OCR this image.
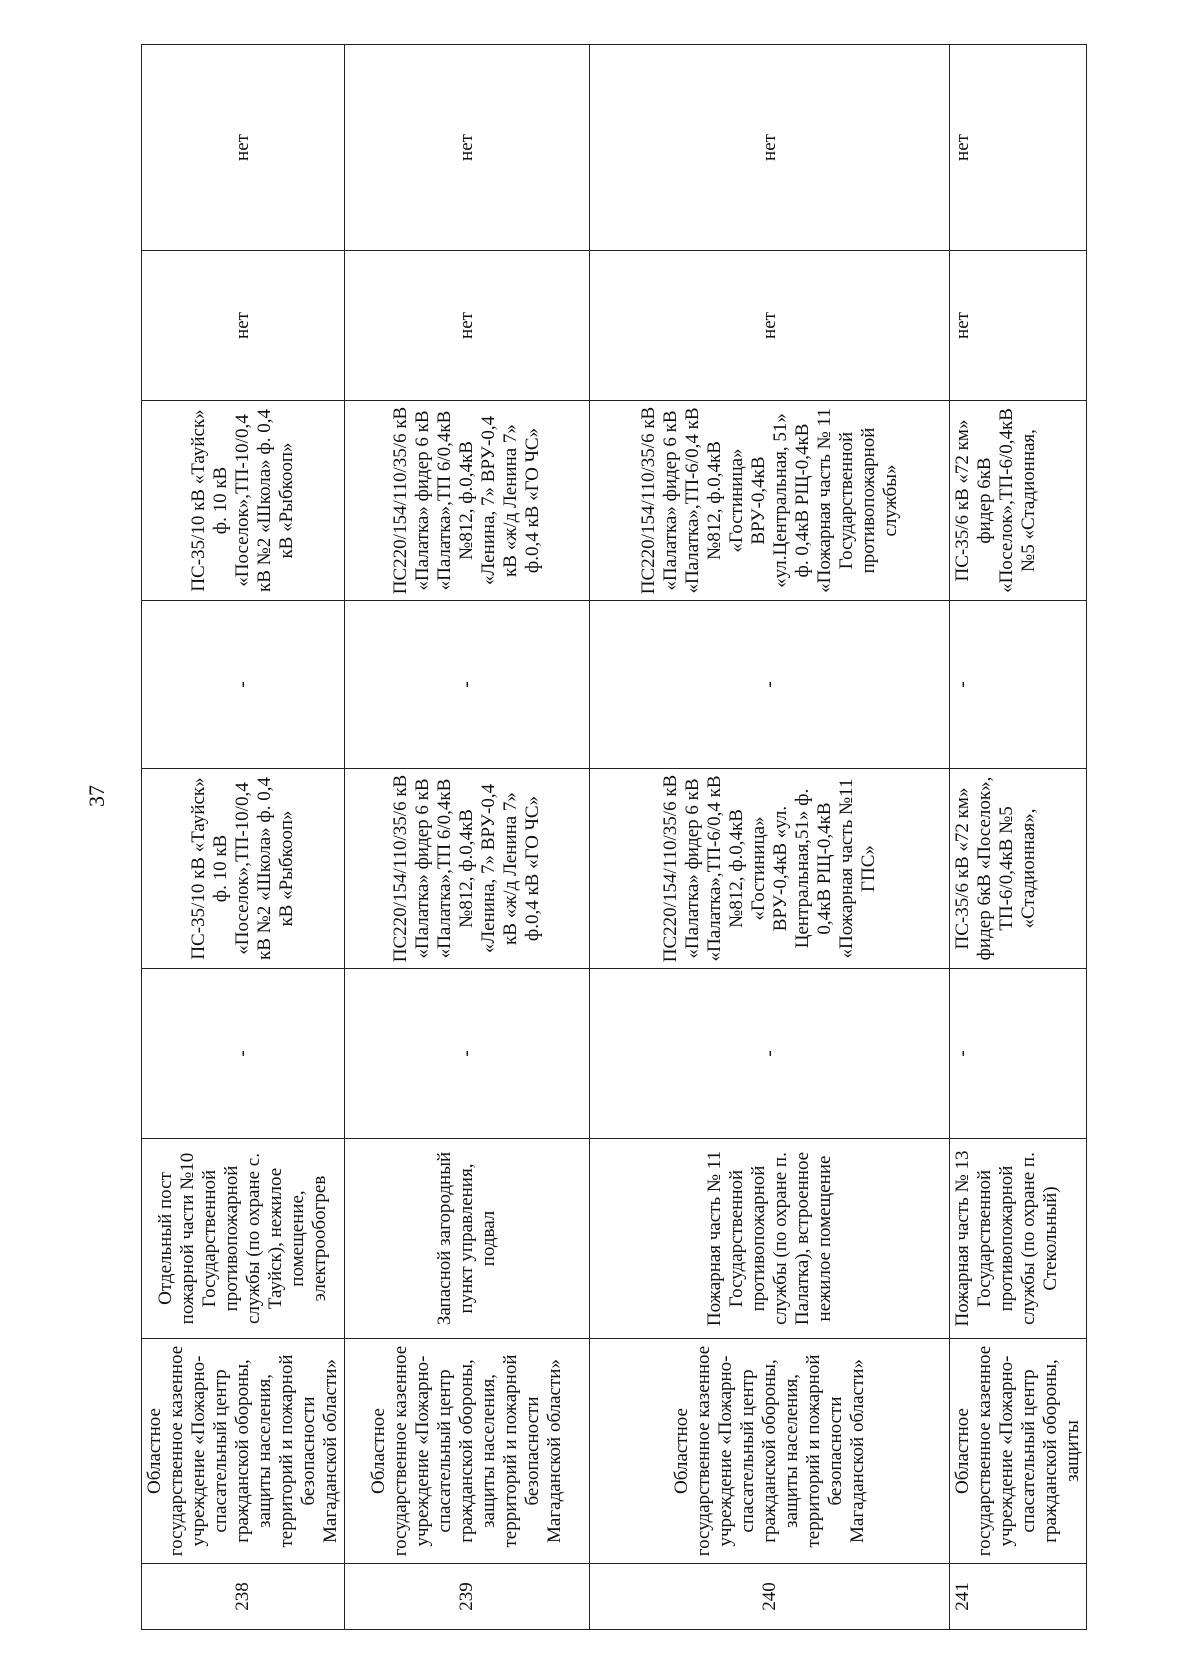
37
238	Областное государственное казенное учреждение «Пожарно-спасательный центр гражданской обороны, защиты населения, территорий и пожарной безопасности Магаданской области»	Отдельный пост пожарной части №10 Государственной противопожарной службы (по охране с. Тауйск), нежилое помещение, электрообогрев	-	ПС-35/10 кВ «Тауйск» ф. 10 кВ «Поселок»,ТП-10/0,4 кВ №2 «Школа» ф. 0,4 кВ «Рыбкооп»	-	ПС-35/10 кВ «Тауйск» ф. 10 кВ «Поселок»,ТП-10/0,4 кВ №2 «Школа» ф. 0,4 кВ «Рыбкооп»	нет	нет
239	Областное государственное казенное учреждение «Пожарно-спасательный центр гражданской обороны, защиты населения, территорий и пожарной безопасности Магаданской области»	Запасной загородный пункт управления, подвал	-	ПС220/154/110/35/6 кВ «Палатка» фидер 6 кВ «Палатка»,ТП 6/0,4кВ №812, ф.0,4кВ «Ленина, 7» ВРУ-0,4 кВ «ж/д Ленина 7» ф.0,4 кВ «ГО ЧС»	-	ПС220/154/110/35/6 кВ «Палатка» фидер 6 кВ «Палатка»,ТП 6/0,4кВ №812, ф.0,4кВ «Ленина, 7» ВРУ-0,4 кВ «ж/д Ленина 7» ф.0,4 кВ «ГО ЧС»	нет	нет
240	Областное государственное казенное учреждение «Пожарно-спасательный центр гражданской обороны, защиты населения, территорий и пожарной безопасности Магаданской области»	Пожарная часть № 11 Государственной противопожарной службы (по охране п. Палатка), встроенное нежилое помещение	-	ПС220/154/110/35/6 кВ «Палатка» фидер 6 кВ «Палатка»,ТП-6/0,4 кВ №812, ф.0,4кВ «Гостиница» ВРУ-0,4кВ «ул. Центральная,51» ф. 0,4кВ РЩ-0,4кВ «Пожарная часть №11 ГПС»	-	ПС220/154/110/35/6 кВ «Палатка» фидер 6 кВ «Палатка»,ТП-6/0,4 кВ №812, ф.0,4кВ «Гостиница» ВРУ-0,4кВ «ул.Центральная, 51» ф. 0,4кВ РЩ-0,4кВ «Пожарная часть № 11 Государственной противопожарной службы»	нет	нет
241	Областное государственное казенное учреждение «Пожарно-спасательный центр гражданской обороны, защиты	Пожарная часть № 13 Государственной противопожарной службы (по охране п. Стекольный)	-	ПС-35/6 кВ «72 км» фидер 6кВ «Поселок», ТП-6/0,4кВ №5 «Стадионная»,	-	ПС-35/6 кВ «72 км» фидер 6кВ «Поселок»,ТП-6/0,4кВ №5 «Стадионная,	нет	нет
